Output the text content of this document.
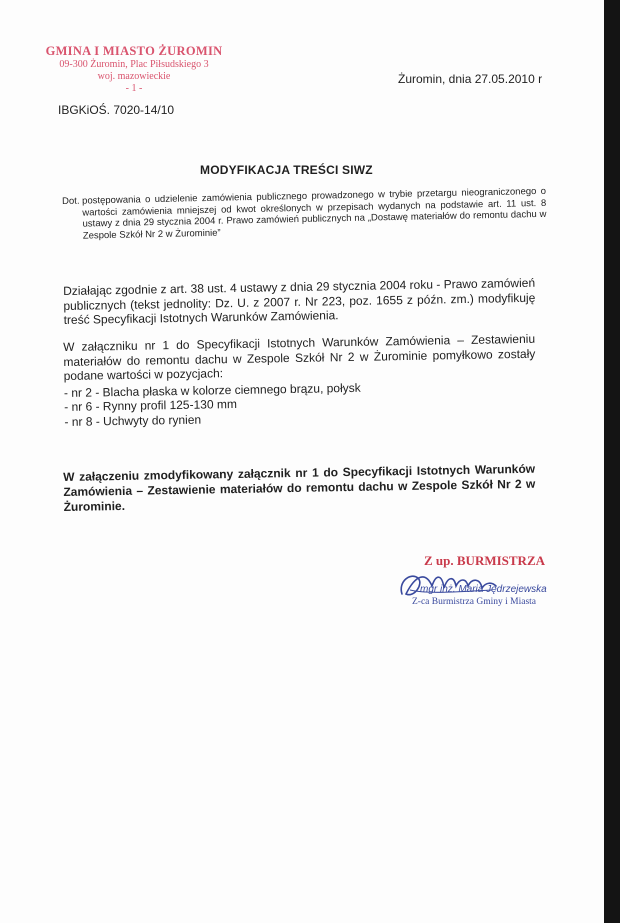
GMINA I MIASTO ŻUROMIN
09-300 Żuromin, Plac Piłsudskiego 3
woj. mazowieckie
- 1 -
Żuromin, dnia 27.05.2010 r
IBGKiOŚ. 7020-14/10
MODYFIKACJA TREŚCI SIWZ
Dot. postępowania o udzielenie zamówienia publicznego prowadzonego w trybie przetargu nieograniczonego o wartości zamówienia mniejszej od kwot określonych w przepisach wydanych na podstawie art. 11 ust. 8 ustawy z dnia 29 stycznia 2004 r. Prawo zamówień publicznych na „Dostawę materiałów do remontu dachu w Zespole Szkół Nr 2 w Żurominie”
Działając zgodnie z art. 38 ust. 4 ustawy z dnia 29 stycznia 2004 roku - Prawo zamówień publicznych (tekst jednolity: Dz. U. z 2007 r. Nr 223, poz. 1655 z późn. zm.) modyfikuję treść Specyfikacji Istotnych Warunków Zamówienia.
W załączniku nr 1 do Specyfikacji Istotnych Warunków Zamówienia – Zestawieniu materiałów do remontu dachu w Zespole Szkół Nr 2 w Żurominie pomyłkowo zostały podane wartości w pozycjach:
- nr 2 - Blacha płaska w kolorze ciemnego brązu, połysk
- nr 6 - Rynny profil 125-130 mm
- nr 8 - Uchwyty do rynien
W załączeniu zmodyfikowany załącznik nr 1 do Specyfikacji Istotnych Warunków Zamówienia – Zestawienie materiałów do remontu dachu w Zespole Szkół Nr 2 w Żurominie.
Z up. BURMISTRZA
mgr inż. Maria Jędrzejewska
Z-ca Burmistrza Gminy i Miasta
